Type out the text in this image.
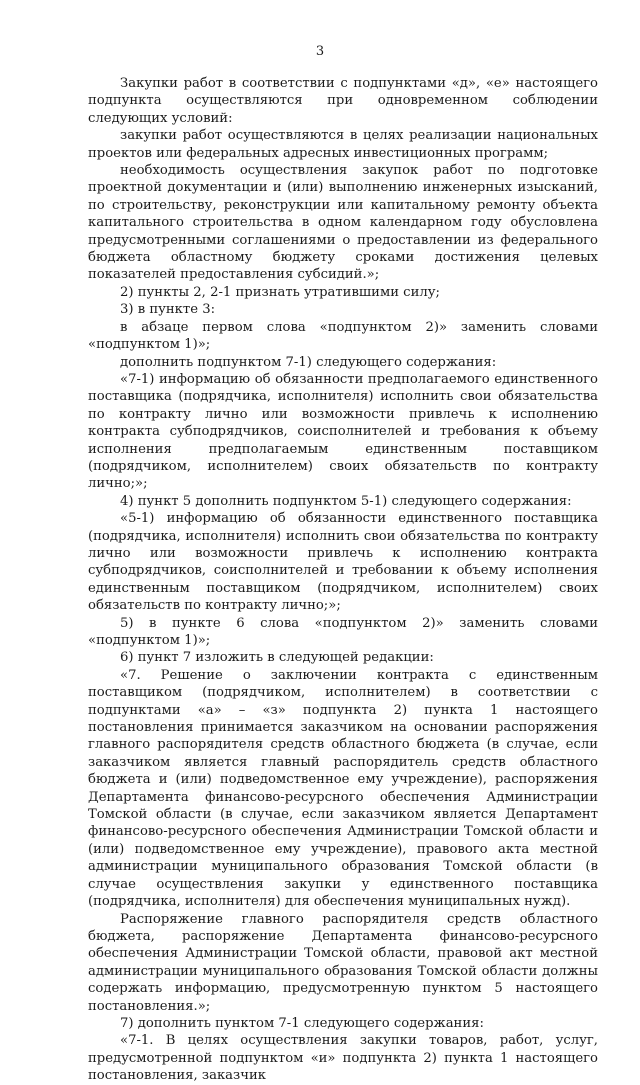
3

Закупки работ в соответствии с подпунктами «д», «е» настоящего подпункта осуществляются при одновременном соблюдении следующих условий:

закупки работ осуществляются в целях реализации национальных проектов или федеральных адресных инвестиционных программ;

необходимость осуществления закупок работ по подготовке проектной документации и (или) выполнению инженерных изысканий, по строительству, реконструкции или капитальному ремонту объекта капитального строительства в одном календарном году обусловлена предусмотренными соглашениями о предоставлении из федерального бюджета областному бюджету сроками достижения целевых показателей предоставления субсидий.»;

2) пункты 2, 2-1 признать утратившими силу;

3) в пункте 3:

в абзаце первом слова «подпунктом 2)» заменить словами «подпунктом 1)»;

дополнить подпунктом 7-1) следующего содержания:

«7-1) информацию об обязанности предполагаемого единственного поставщика (подрядчика, исполнителя) исполнить свои обязательства по контракту лично или возможности привлечь к исполнению контракта субподрядчиков, соисполнителей и требования к объему исполнения предполагаемым единственным поставщиком (подрядчиком, исполнителем) своих обязательств по контракту лично;»;

4) пункт 5 дополнить подпунктом 5-1) следующего содержания:

«5-1) информацию об обязанности единственного поставщика (подрядчика, исполнителя) исполнить свои обязательства по контракту лично или возможности привлечь к исполнению контракта субподрядчиков, соисполнителей и требовании к объему исполнения единственным поставщиком (подрядчиком, исполнителем) своих обязательств по контракту лично;»;

5) в пункте 6 слова «подпунктом 2)» заменить словами «подпунктом 1)»;

6) пункт 7 изложить в следующей редакции:

«7. Решение о заключении контракта с единственным поставщиком (подрядчиком, исполнителем) в соответствии с подпунктами «а» – «з» подпункта 2) пункта 1 настоящего постановления принимается заказчиком на основании распоряжения главного распорядителя средств областного бюджета (в случае, если заказчиком является главный распорядитель средств областного бюджета и (или) подведомственное ему учреждение), распоряжения Департамента финансово-ресурсного обеспечения Администрации Томской области (в случае, если заказчиком является Департамент финансово-ресурсного обеспечения Администрации Томской области и (или) подведомственное ему учреждение), правового акта местной администрации муниципального образования Томской области (в случае осуществления закупки у единственного поставщика (подрядчика, исполнителя) для обеспечения муниципальных нужд).

Распоряжение главного распорядителя средств областного бюджета, распоряжение Департамента финансово-ресурсного обеспечения Администрации Томской области, правовой акт местной администрации муниципального образования Томской области должны содержать информацию, предусмотренную пунктом 5 настоящего постановления.»;

7) дополнить пунктом 7-1 следующего содержания:

«7-1. В целях осуществления закупки товаров, работ, услуг, предусмотренной подпунктом «и» подпункта 2) пункта 1 настоящего постановления, заказчик
